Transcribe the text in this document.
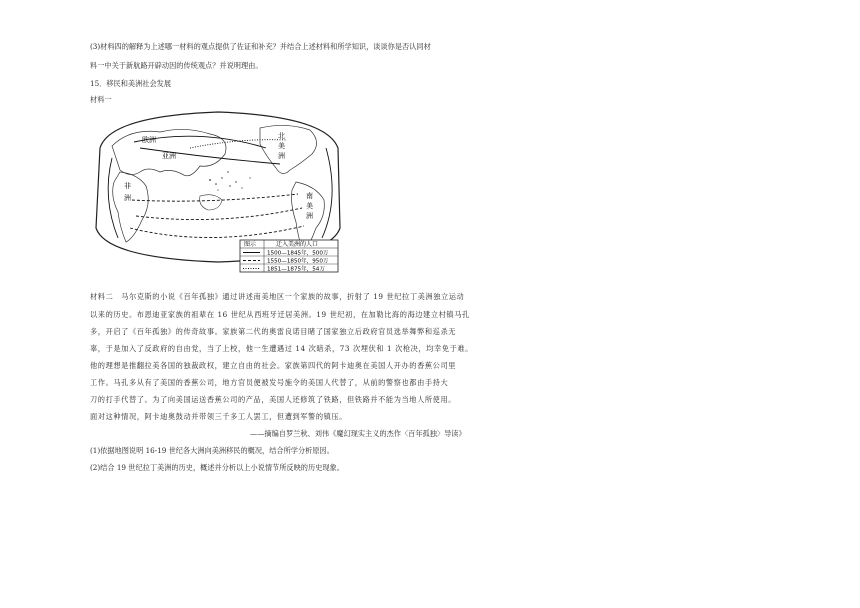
(3)材料四的解释为上述哪一材料的观点提供了佐证和补充？并结合上述材料和所学知识，谈谈你是否认同材
料一中关于新航路开辟动因的传统观点？并说明理由。
15．移民和美洲社会发展
材料一
欧洲
亚洲
非
洲
北
美
洲
南
美
洲
图示	迁入美洲的人口
1500—1845年，500万
1550—1850年，950万
1851—1875年，54万
材料二　马尔克斯的小说《百年孤独》通过讲述南美地区一个家族的故事，折射了 19 世纪拉丁美洲独立运动
以来的历史。布恩迪亚家族的祖辈在 16 世纪从西班牙迁居美洲。19 世纪初，在加勒比海的海边建立村镇马孔
多，开启了《百年孤独》的传奇故事。家族第二代的奥雷良诺目睹了国家独立后政府官员选举舞弊和巡杀无
辜，于是加入了反政府的自由党，当了上校，他一生遭遇过 14 次暗杀，73 次埋伏和 1 次枪决，均幸免于难。
他的理想是推翻拉美各国的独裁政权，建立自由的社会。家族第四代的阿卡迪奥在美国人开办的香蕉公司里
工作。马孔多从有了美国的香蕉公司，地方官员便被发号施令的美国人代替了，从前的警察也都由手持大
刀的打手代替了。为了向美国运送香蕉公司的产品，美国人还修筑了铁路，但铁路并不能为当地人所使用。
面对这种情况，阿卡迪奥鼓动并带领三千多工人罢工，但遭到军警的镇压。
——摘编自罗兰秋、刘伟《魔幻现实主义的杰作〈百年孤独〉导读》
(1)依据地图说明 16-19 世纪各大洲向美洲移民的概况，结合所学分析原因。
(2)结合 19 世纪拉丁美洲的历史，概述并分析以上小说情节所反映的历史现象。
